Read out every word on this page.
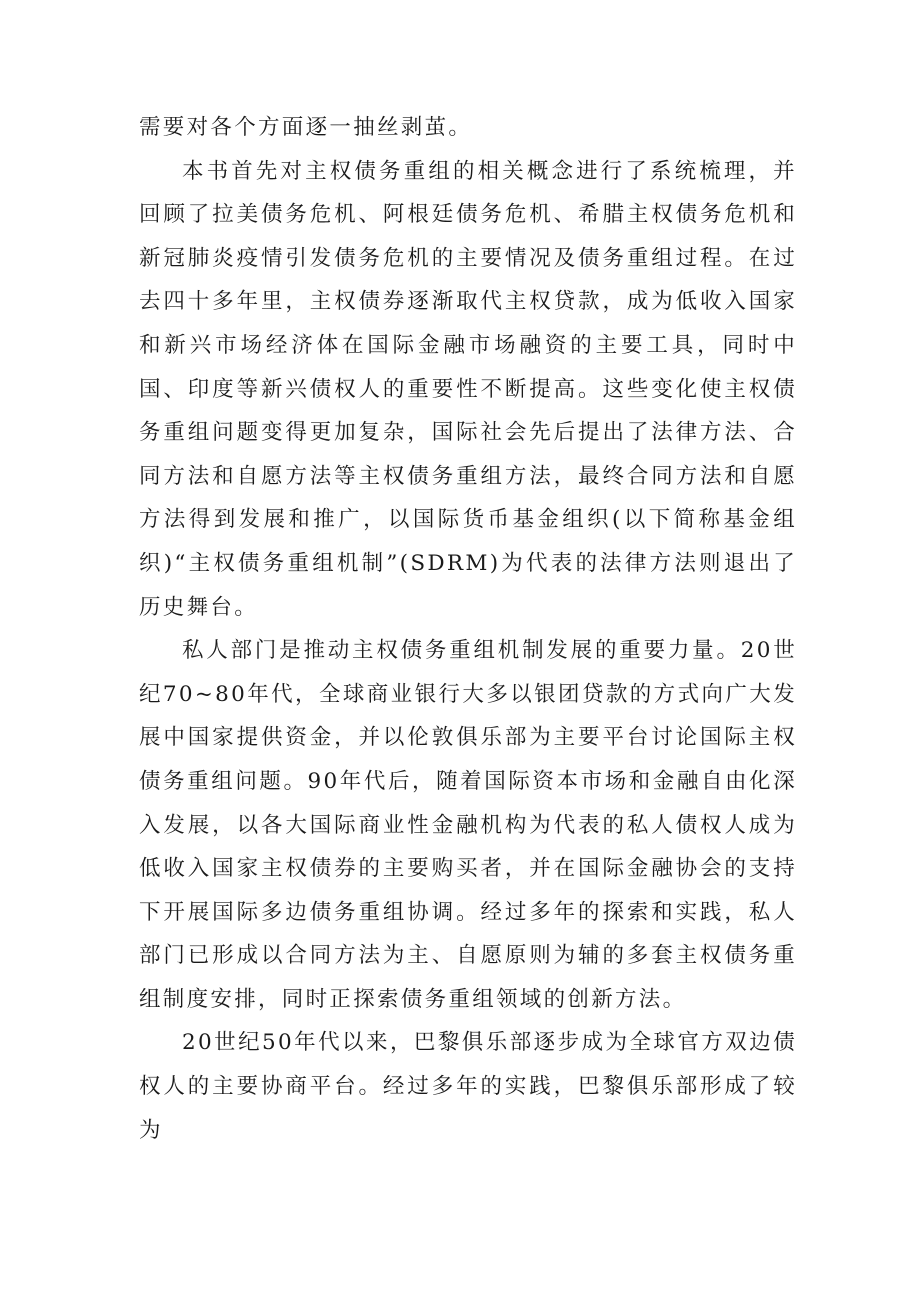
需要对各个方面逐一抽丝剥茧。

本书首先对主权债务重组的相关概念进行了系统梳理，并回顾了拉美债务危机、阿根廷债务危机、希腊主权债务危机和新冠肺炎疫情引发债务危机的主要情况及债务重组过程。在过去四十多年里，主权债券逐渐取代主权贷款，成为低收入国家和新兴市场经济体在国际金融市场融资的主要工具，同时中国、印度等新兴债权人的重要性不断提高。这些变化使主权债务重组问题变得更加复杂，国际社会先后提出了法律方法、合同方法和自愿方法等主权债务重组方法，最终合同方法和自愿方法得到发展和推广，以国际货币基金组织(以下简称基金组织)“主权债务重组机制”(SDRM)为代表的法律方法则退出了历史舞台。

私人部门是推动主权债务重组机制发展的重要力量。20世纪70~80年代，全球商业银行大多以银团贷款的方式向广大发展中国家提供资金，并以伦敦俱乐部为主要平台讨论国际主权债务重组问题。90年代后，随着国际资本市场和金融自由化深入发展，以各大国际商业性金融机构为代表的私人债权人成为低收入国家主权债券的主要购买者，并在国际金融协会的支持下开展国际多边债务重组协调。经过多年的探索和实践，私人部门已形成以合同方法为主、自愿原则为辅的多套主权债务重组制度安排，同时正探索债务重组领域的创新方法。

20世纪50年代以来，巴黎俱乐部逐步成为全球官方双边债权人的主要协商平台。经过多年的实践，巴黎俱乐部形成了较为
